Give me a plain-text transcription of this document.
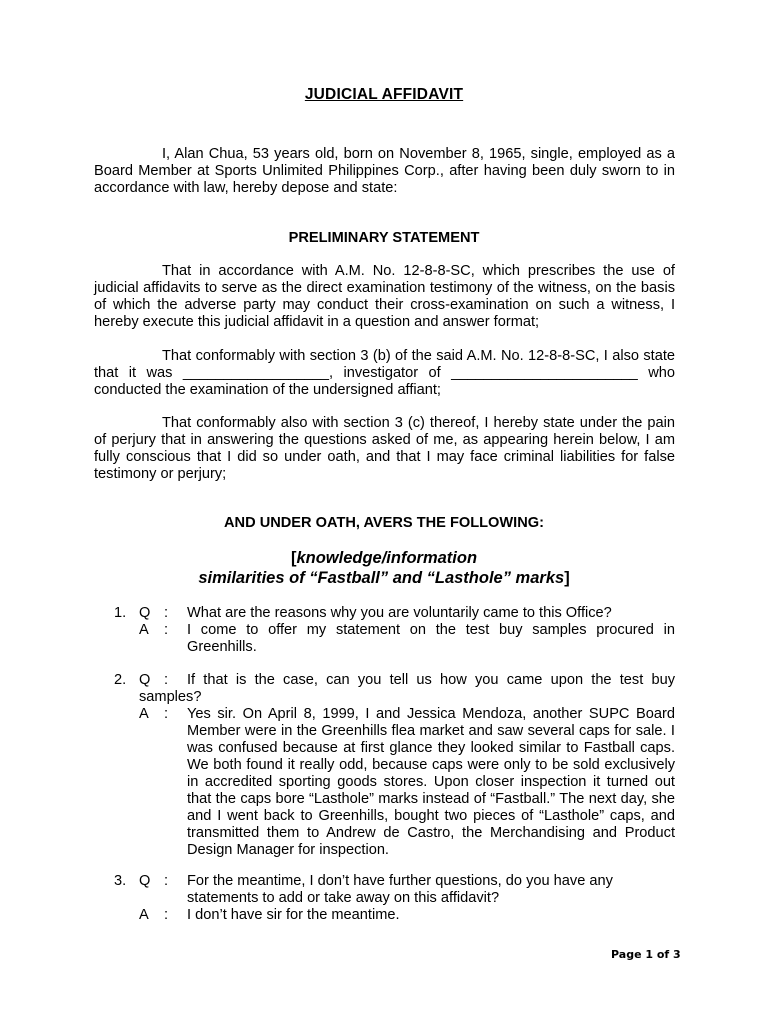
JUDICIAL AFFIDAVIT
I, Alan Chua, 53 years old, born on November 8, 1965, single, employed as a Board Member at Sports Unlimited Philippines Corp., after having been duly sworn to in accordance with law, hereby depose and state:
PRELIMINARY STATEMENT
That in accordance with A.M. No. 12-8-8-SC, which prescribes the use of judicial affidavits to serve as the direct examination testimony of the witness, on the basis of which the adverse party may conduct their cross-examination on such a witness, I hereby execute this judicial affidavit in a question and answer format;
That conformably with section 3 (b) of the said A.M. No. 12-8-8-SC, I also state that it was __________________, investigator of _______________________ who conducted the examination of the undersigned affiant;
That conformably also with section 3 (c) thereof, I hereby state under the pain of perjury that in answering the questions asked of me, as appearing herein below, I am fully conscious that I did so under oath, and that I may face criminal liabilities for false testimony or perjury;
AND UNDER OATH, AVERS THE FOLLOWING:
[knowledge/information
similarities of “Fastball” and “Lasthole” marks]
1. Q : What are the reasons why you are voluntarily came to this Office?
A : I come to offer my statement on the test buy samples procured in Greenhills.
2. Q :	If that is the case, can you tell us how you came upon the test buy samples?
A : Yes sir. On April 8, 1999, I and Jessica Mendoza, another SUPC Board Member were in the Greenhills flea market and saw several caps for sale. I was confused because at first glance they looked similar to Fastball caps. We both found it really odd, because caps were only to be sold exclusively in accredited sporting goods stores. Upon closer inspection it turned out that the caps bore “Lasthole” marks instead of “Fastball.” The next day, she and I went back to Greenhills, bought two pieces of “Lasthole” caps, and transmitted them to Andrew de Castro, the Merchandising and Product Design Manager for inspection.
3. Q : For the meantime, I don’t have further questions, do you have any statements to add or take away on this affidavit?
A : I don’t have sir for the meantime.
Page 1 of 3
